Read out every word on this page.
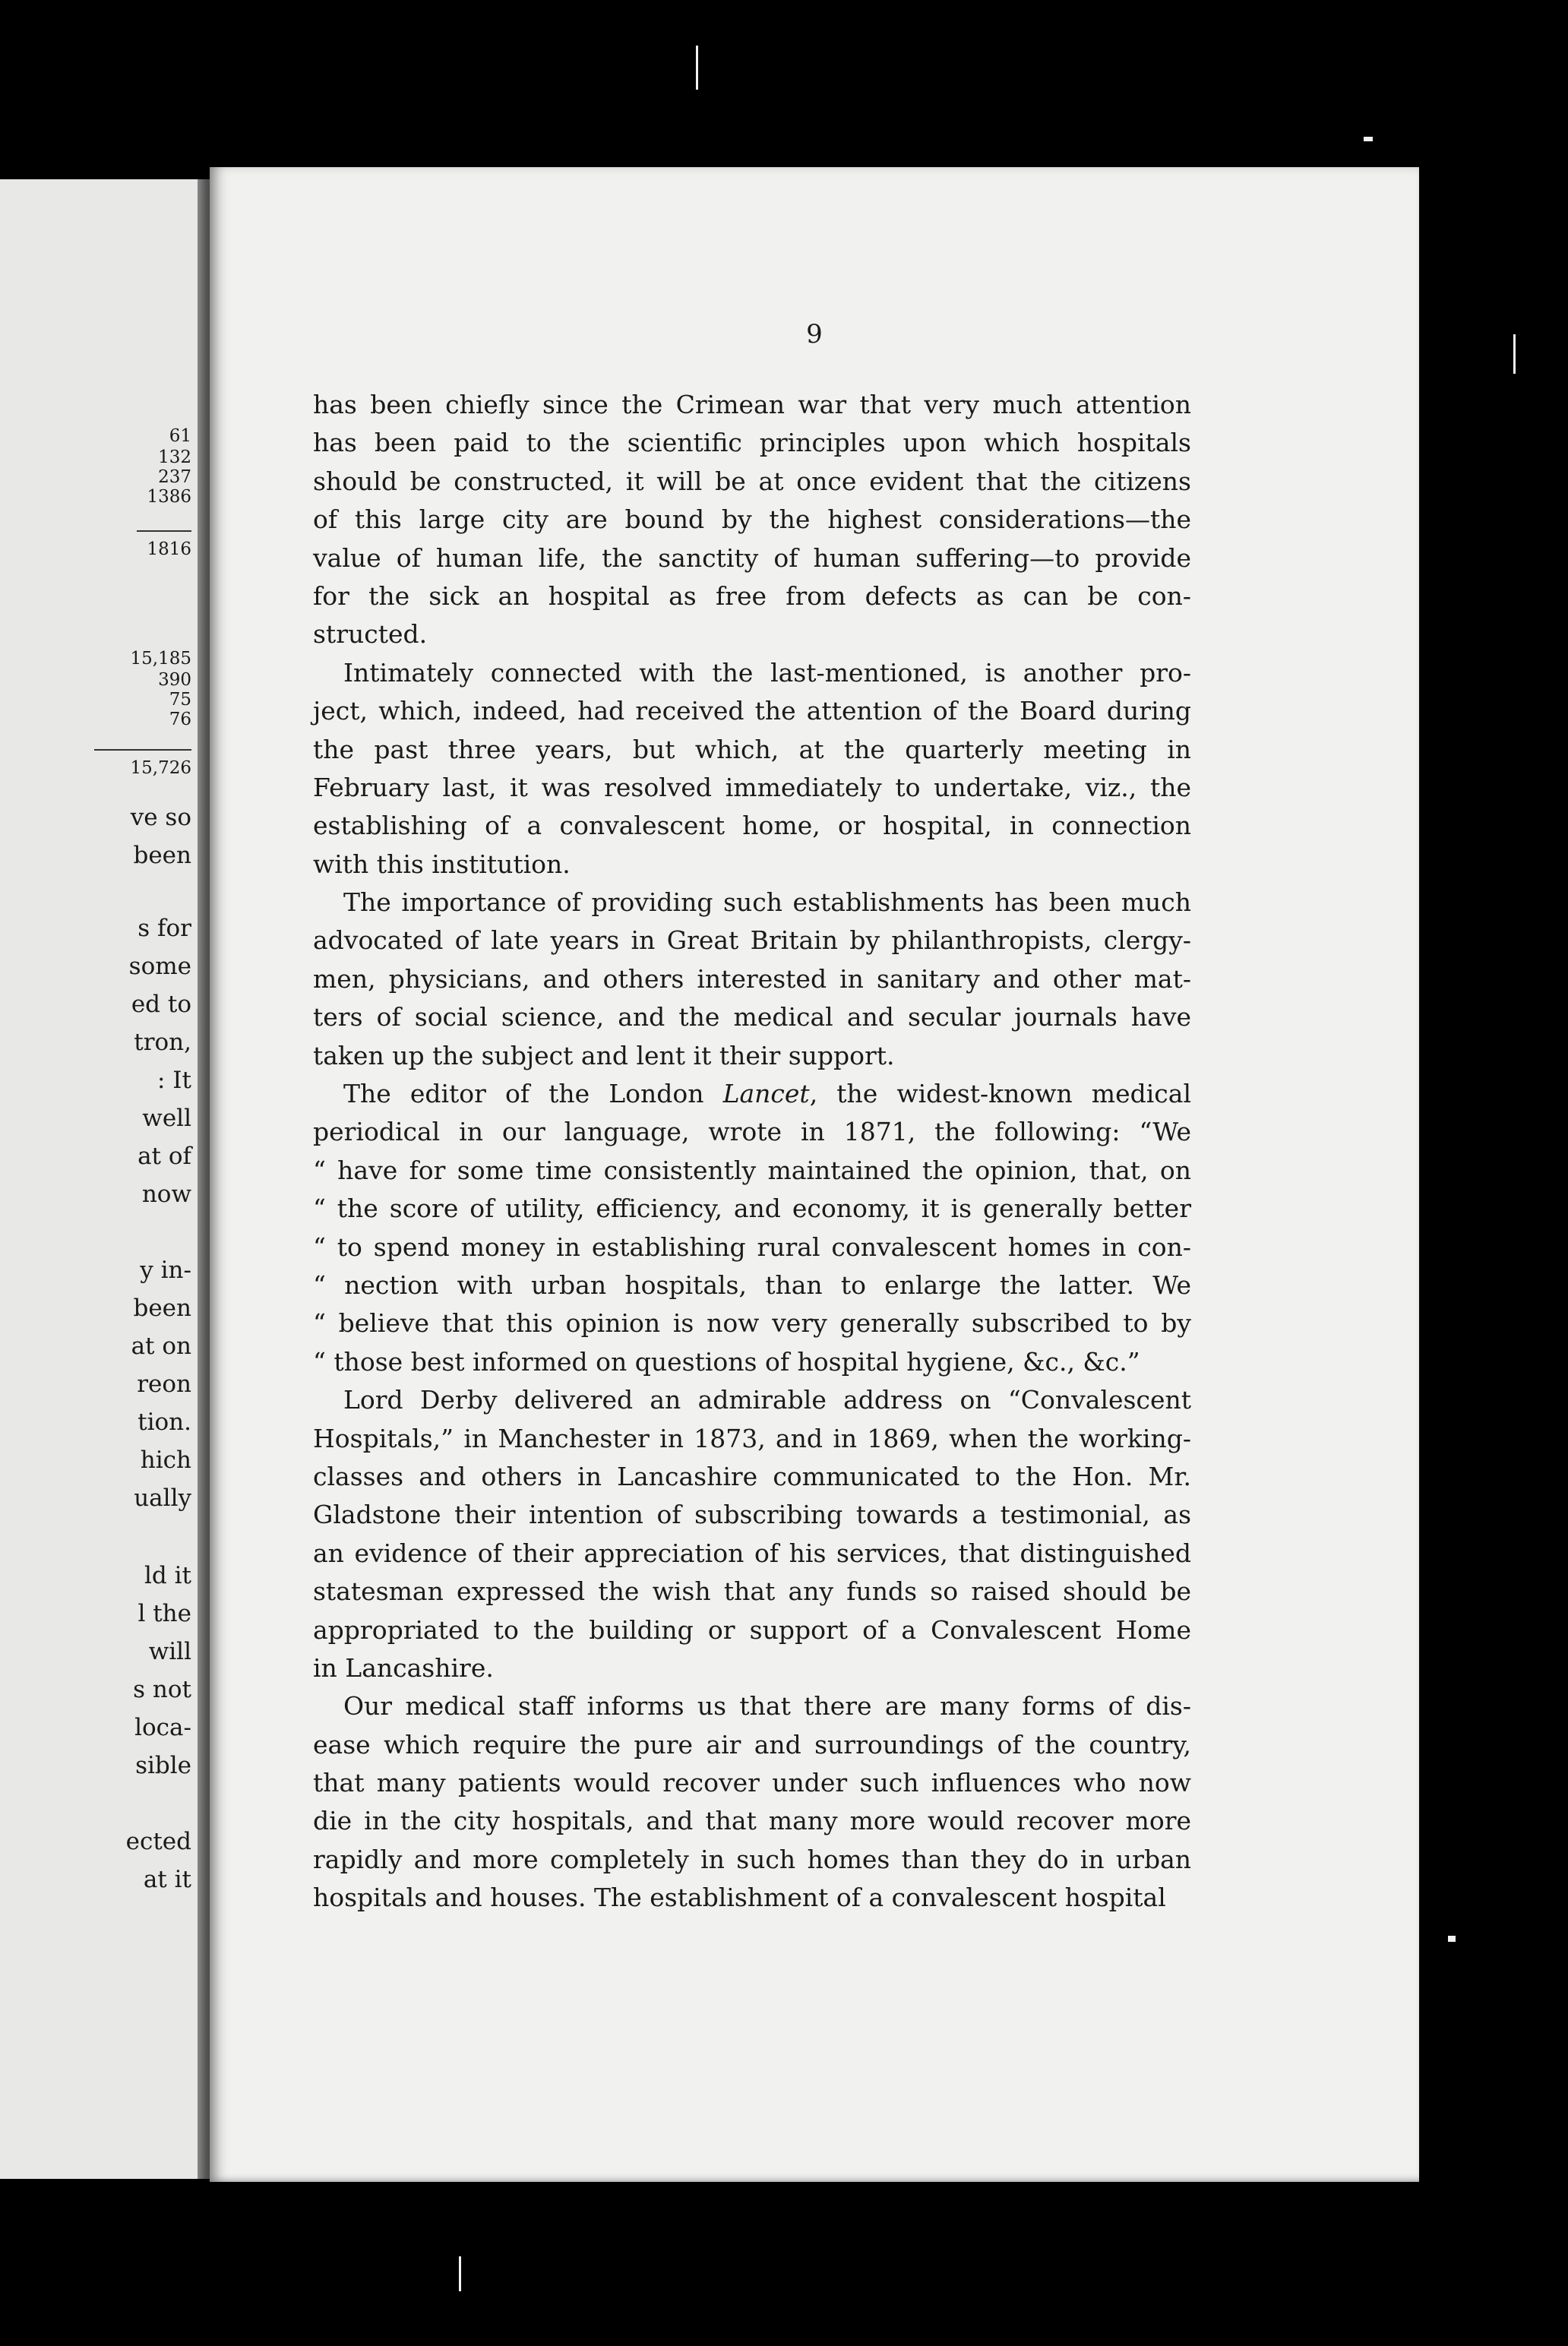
61
132
237
1386
1816
15,185
390
75
76
15,726
ve so
been
s for
some
ed to
tron,
: It
well
at of
now
y in-
been
at on
reon
tion.
hich
ually
ld it
l the
will
s not
loca-
sible
ected
at it
9
has been chiefly since the Crimean war that very much attention
has been paid to the scientific principles upon which hospitals
should be constructed, it will be at once evident that the citizens
of this large city are bound by the highest considerations—the
value of human life, the sanctity of human suffering—to provide
for the sick an hospital as free from defects as can be con-
structed.
Intimately connected with the last-mentioned, is another pro-
ject, which, indeed, had received the attention of the Board during
the past three years, but which, at the quarterly meeting in
February last, it was resolved immediately to undertake, viz., the
establishing of a convalescent home, or hospital, in connection
with this institution.
The importance of providing such establishments has been much
advocated of late years in Great Britain by philanthropists, clergy-
men, physicians, and others interested in sanitary and other mat-
ters of social science, and the medical and secular journals have
taken up the subject and lent it their support.
The editor of the London Lancet, the widest-known medical
periodical in our language, wrote in 1871, the following: “We
“ have for some time consistently maintained the opinion, that, on
“ the score of utility, efficiency, and economy, it is generally better
“ to spend money in establishing rural convalescent homes in con-
“ nection with urban hospitals, than to enlarge the latter. We
“ believe that this opinion is now very generally subscribed to by
“ those best informed on questions of hospital hygiene, &c., &c.”
Lord Derby delivered an admirable address on “Convalescent
Hospitals,” in Manchester in 1873, and in 1869, when the working-
classes and others in Lancashire communicated to the Hon. Mr.
Gladstone their intention of subscribing towards a testimonial, as
an evidence of their appreciation of his services, that distinguished
statesman expressed the wish that any funds so raised should be
appropriated to the building or support of a Convalescent Home
in Lancashire.
Our medical staff informs us that there are many forms of dis-
ease which require the pure air and surroundings of the country,
that many patients would recover under such influences who now
die in the city hospitals, and that many more would recover more
rapidly and more completely in such homes than they do in urban
hospitals and houses. The establishment of a convalescent hospital
